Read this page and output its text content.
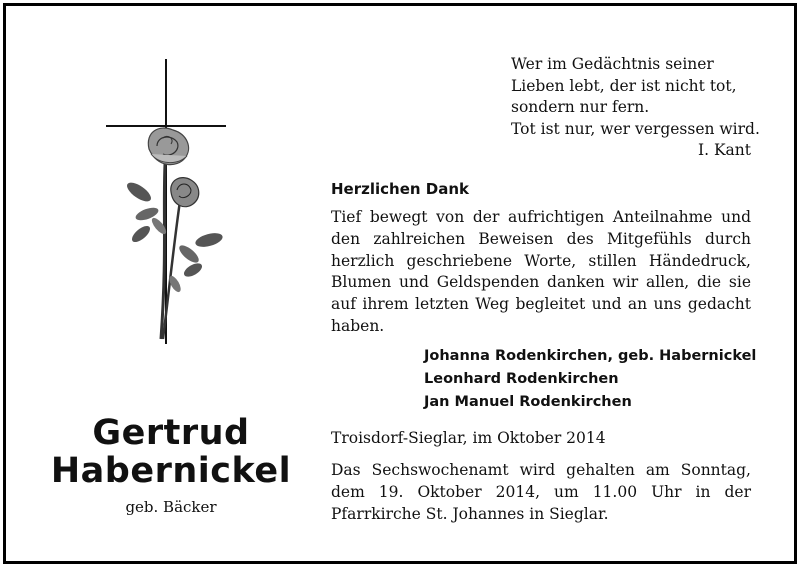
Gertrud
Habernickel
geb. Bäcker
Wer im Gedächtnis seiner
Lieben lebt, der ist nicht tot,
sondern nur fern.
Tot ist nur, wer vergessen wird.
I. Kant
Herzlichen Dank
Tief bewegt von der aufrichtigen Anteilnahme und den zahlreichen Beweisen des Mitgefühls durch herzlich geschriebene Worte, stillen Händedruck, Blumen und Geldspenden danken wir allen, die sie auf ihrem letzten Weg begleitet und an uns gedacht haben.
Johanna Rodenkirchen, geb. Habernickel
Leonhard Rodenkirchen
Jan Manuel Rodenkirchen
Troisdorf-Sieglar, im Oktober 2014
Das Sechswochenamt wird gehalten am Sonntag, dem 19. Oktober 2014, um 11.00 Uhr in der Pfarrkirche St. Johannes in Sieglar.
